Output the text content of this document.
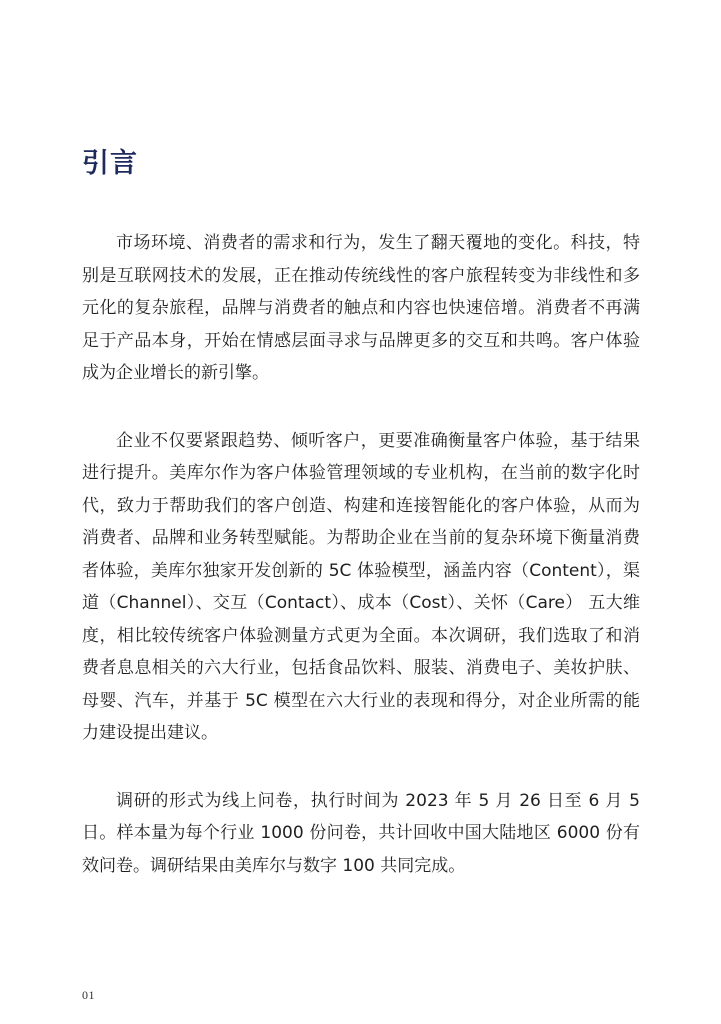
引言

市场环境、消费者的需求和行为，发生了翻天覆地的变化。科技，特别是互联网技术的发展，正在推动传统线性的客户旅程转变为非线性和多元化的复杂旅程，品牌与消费者的触点和内容也快速倍增。消费者不再满足于产品本身，开始在情感层面寻求与品牌更多的交互和共鸣。客户体验成为企业增长的新引擎。

企业不仅要紧跟趋势、倾听客户，更要准确衡量客户体验，基于结果进行提升。美库尔作为客户体验管理领域的专业机构，在当前的数字化时代，致力于帮助我们的客户创造、构建和连接智能化的客户体验，从而为消费者、品牌和业务转型赋能。为帮助企业在当前的复杂环境下衡量消费者体验，美库尔独家开发创新的 5C 体验模型，涵盖内容（Content），渠道（Channel）、交互（Contact）、成本（Cost）、关怀（Care） 五大维度，相比较传统客户体验测量方式更为全面。本次调研，我们选取了和消费者息息相关的六大行业，包括食品饮料、服装、消费电子、美妆护肤、母婴、汽车，并基于 5C 模型在六大行业的表现和得分，对企业所需的能力建设提出建议。

调研的形式为线上问卷，执行时间为 2023 年 5 月 26 日至 6 月 5 日。样本量为每个行业 1000 份问卷，共计回收中国大陆地区 6000 份有效问卷。调研结果由美库尔与数字 100 共同完成。

01
